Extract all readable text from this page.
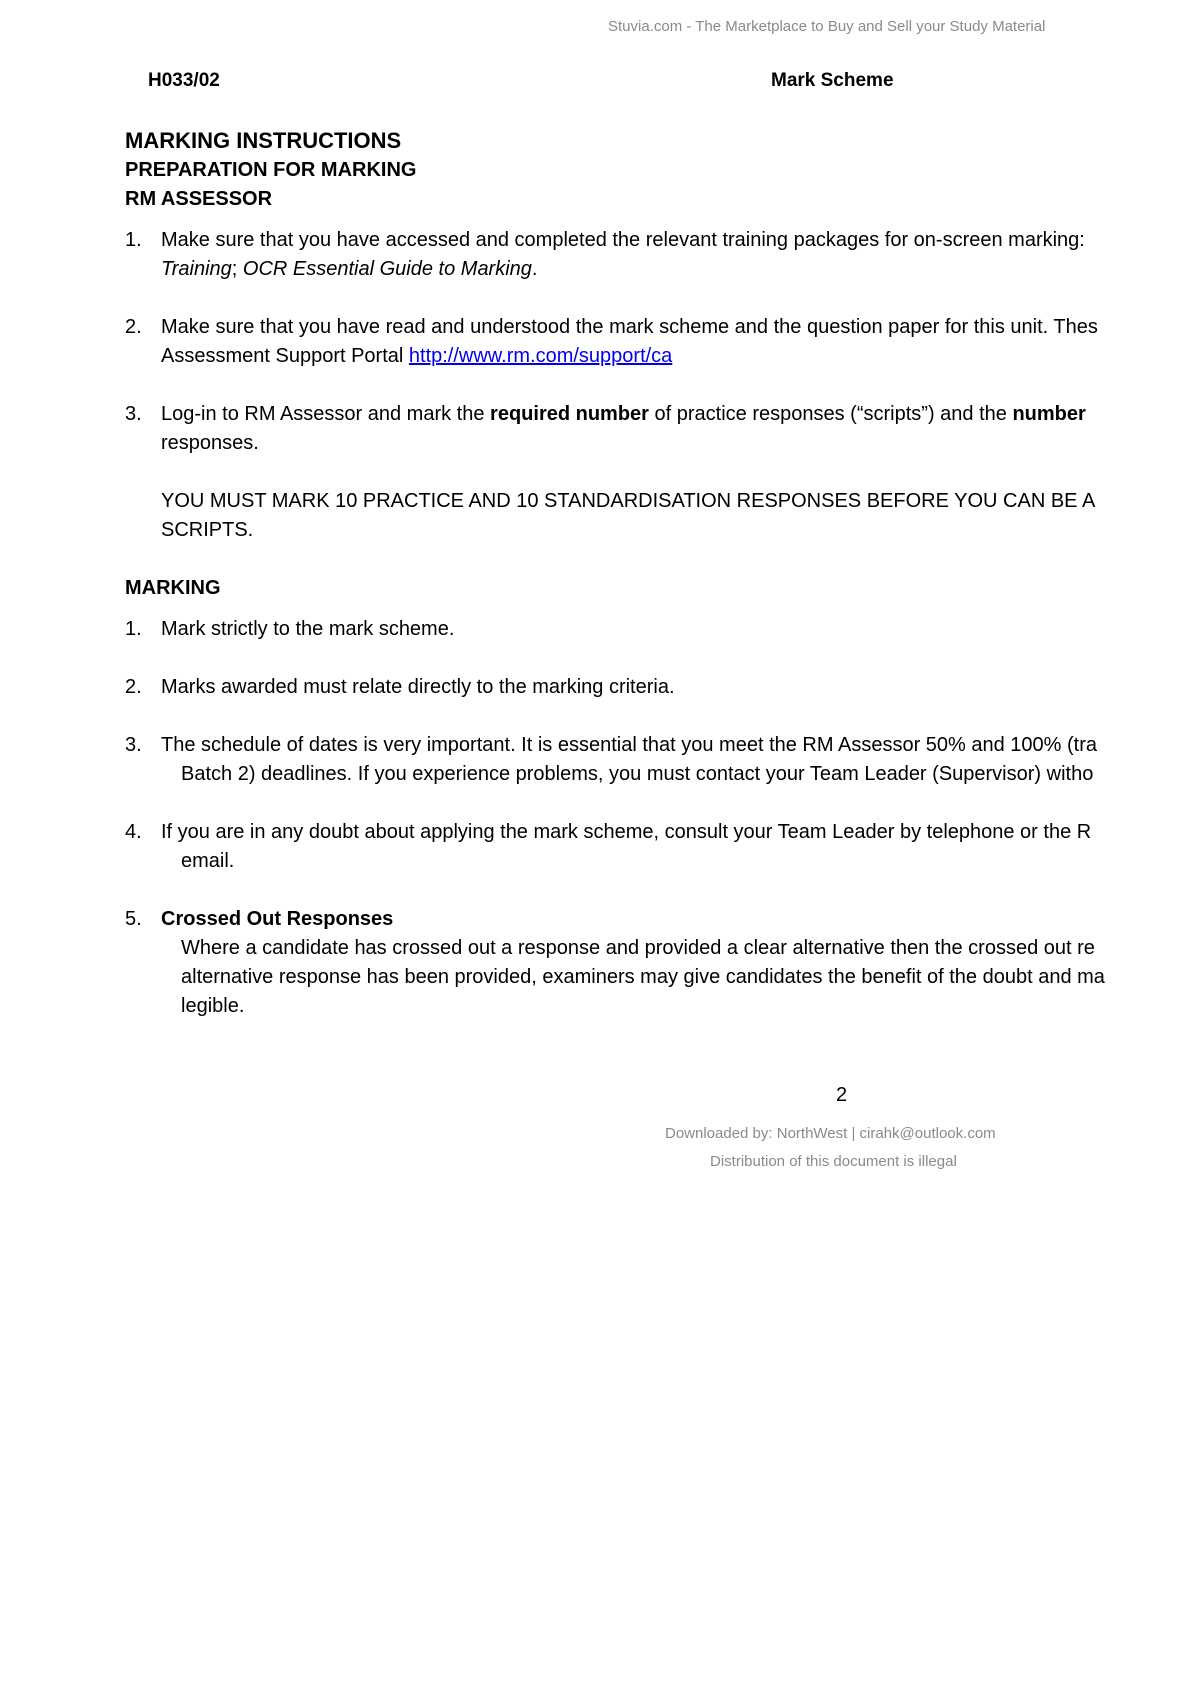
Stuvia.com - The Marketplace to Buy and Sell your Study Material
H033/02	Mark Scheme
MARKING INSTRUCTIONS
PREPARATION FOR MARKING
RM ASSESSOR
1. Make sure that you have accessed and completed the relevant training packages for on-screen marking:
Training; OCR Essential Guide to Marking.
2. Make sure that you have read and understood the mark scheme and the question paper for this unit. Thes
Assessment Support Portal http://www.rm.com/support/ca
3. Log-in to RM Assessor and mark the required number of practice responses (“scripts”) and the number
responses.
YOU MUST MARK 10 PRACTICE AND 10 STANDARDISATION RESPONSES BEFORE YOU CAN BE A
SCRIPTS.
MARKING
1. Mark strictly to the mark scheme.
2. Marks awarded must relate directly to the marking criteria.
3. The schedule of dates is very important. It is essential that you meet the RM Assessor 50% and 100% (tra
Batch 2) deadlines. If you experience problems, you must contact your Team Leader (Supervisor) witho
4. If you are in any doubt about applying the mark scheme, consult your Team Leader by telephone or the R
email.
5. Crossed Out Responses
Where a candidate has crossed out a response and provided a clear alternative then the crossed out re
alternative response has been provided, examiners may give candidates the benefit of the doubt and ma
legible.
2
Downloaded by: NorthWest | cirahk@outlook.com
Distribution of this document is illegal
